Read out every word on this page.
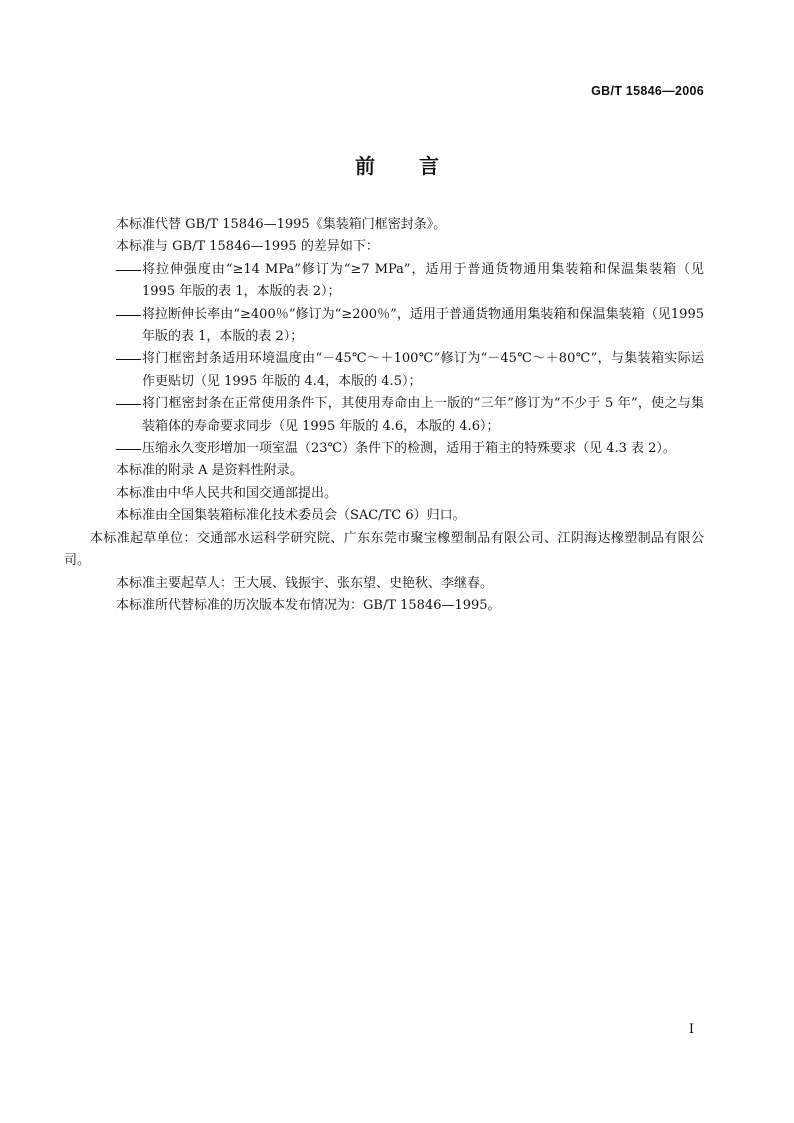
GB/T 15846—2006
前 言

本标准代替 GB/T 15846—1995《集装箱门框密封条》。

本标准与 GB/T 15846—1995 的差异如下：

将拉伸强度由“≥14 MPa”修订为“≥7 MPa”，适用于普通货物通用集装箱和保温集装箱（见1995 年版的表 1，本版的表 2）；
将拉断伸长率由“≥400％”修订为“≥200％”，适用于普通货物通用集装箱和保温集装箱（见1995 年版的表 1，本版的表 2）；
将门框密封条适用环境温度由“－45℃～＋100℃”修订为“－45℃～＋80℃”，与集装箱实际运作更贴切（见 1995 年版的 4.4，本版的 4.5）；
将门框密封条在正常使用条件下，其使用寿命由上一版的“三年”修订为“不少于 5 年”，使之与集装箱体的寿命要求同步（见 1995 年版的 4.6，本版的 4.6）；
压缩永久变形增加一项室温（23℃）条件下的检测，适用于箱主的特殊要求（见 4.3 表 2）。

本标准的附录 A 是资料性附录。

本标准由中华人民共和国交通部提出。

本标准由全国集装箱标准化技术委员会（SAC/TC 6）归口。

本标准起草单位：交通部水运科学研究院、广东东莞市聚宝橡塑制品有限公司、江阴海达橡塑制品有限公司。

本标准主要起草人：王大展、钱振宇、张东望、史艳秋、李继春。

本标准所代替标准的历次版本发布情况为：GB/T 15846—1995。

I
